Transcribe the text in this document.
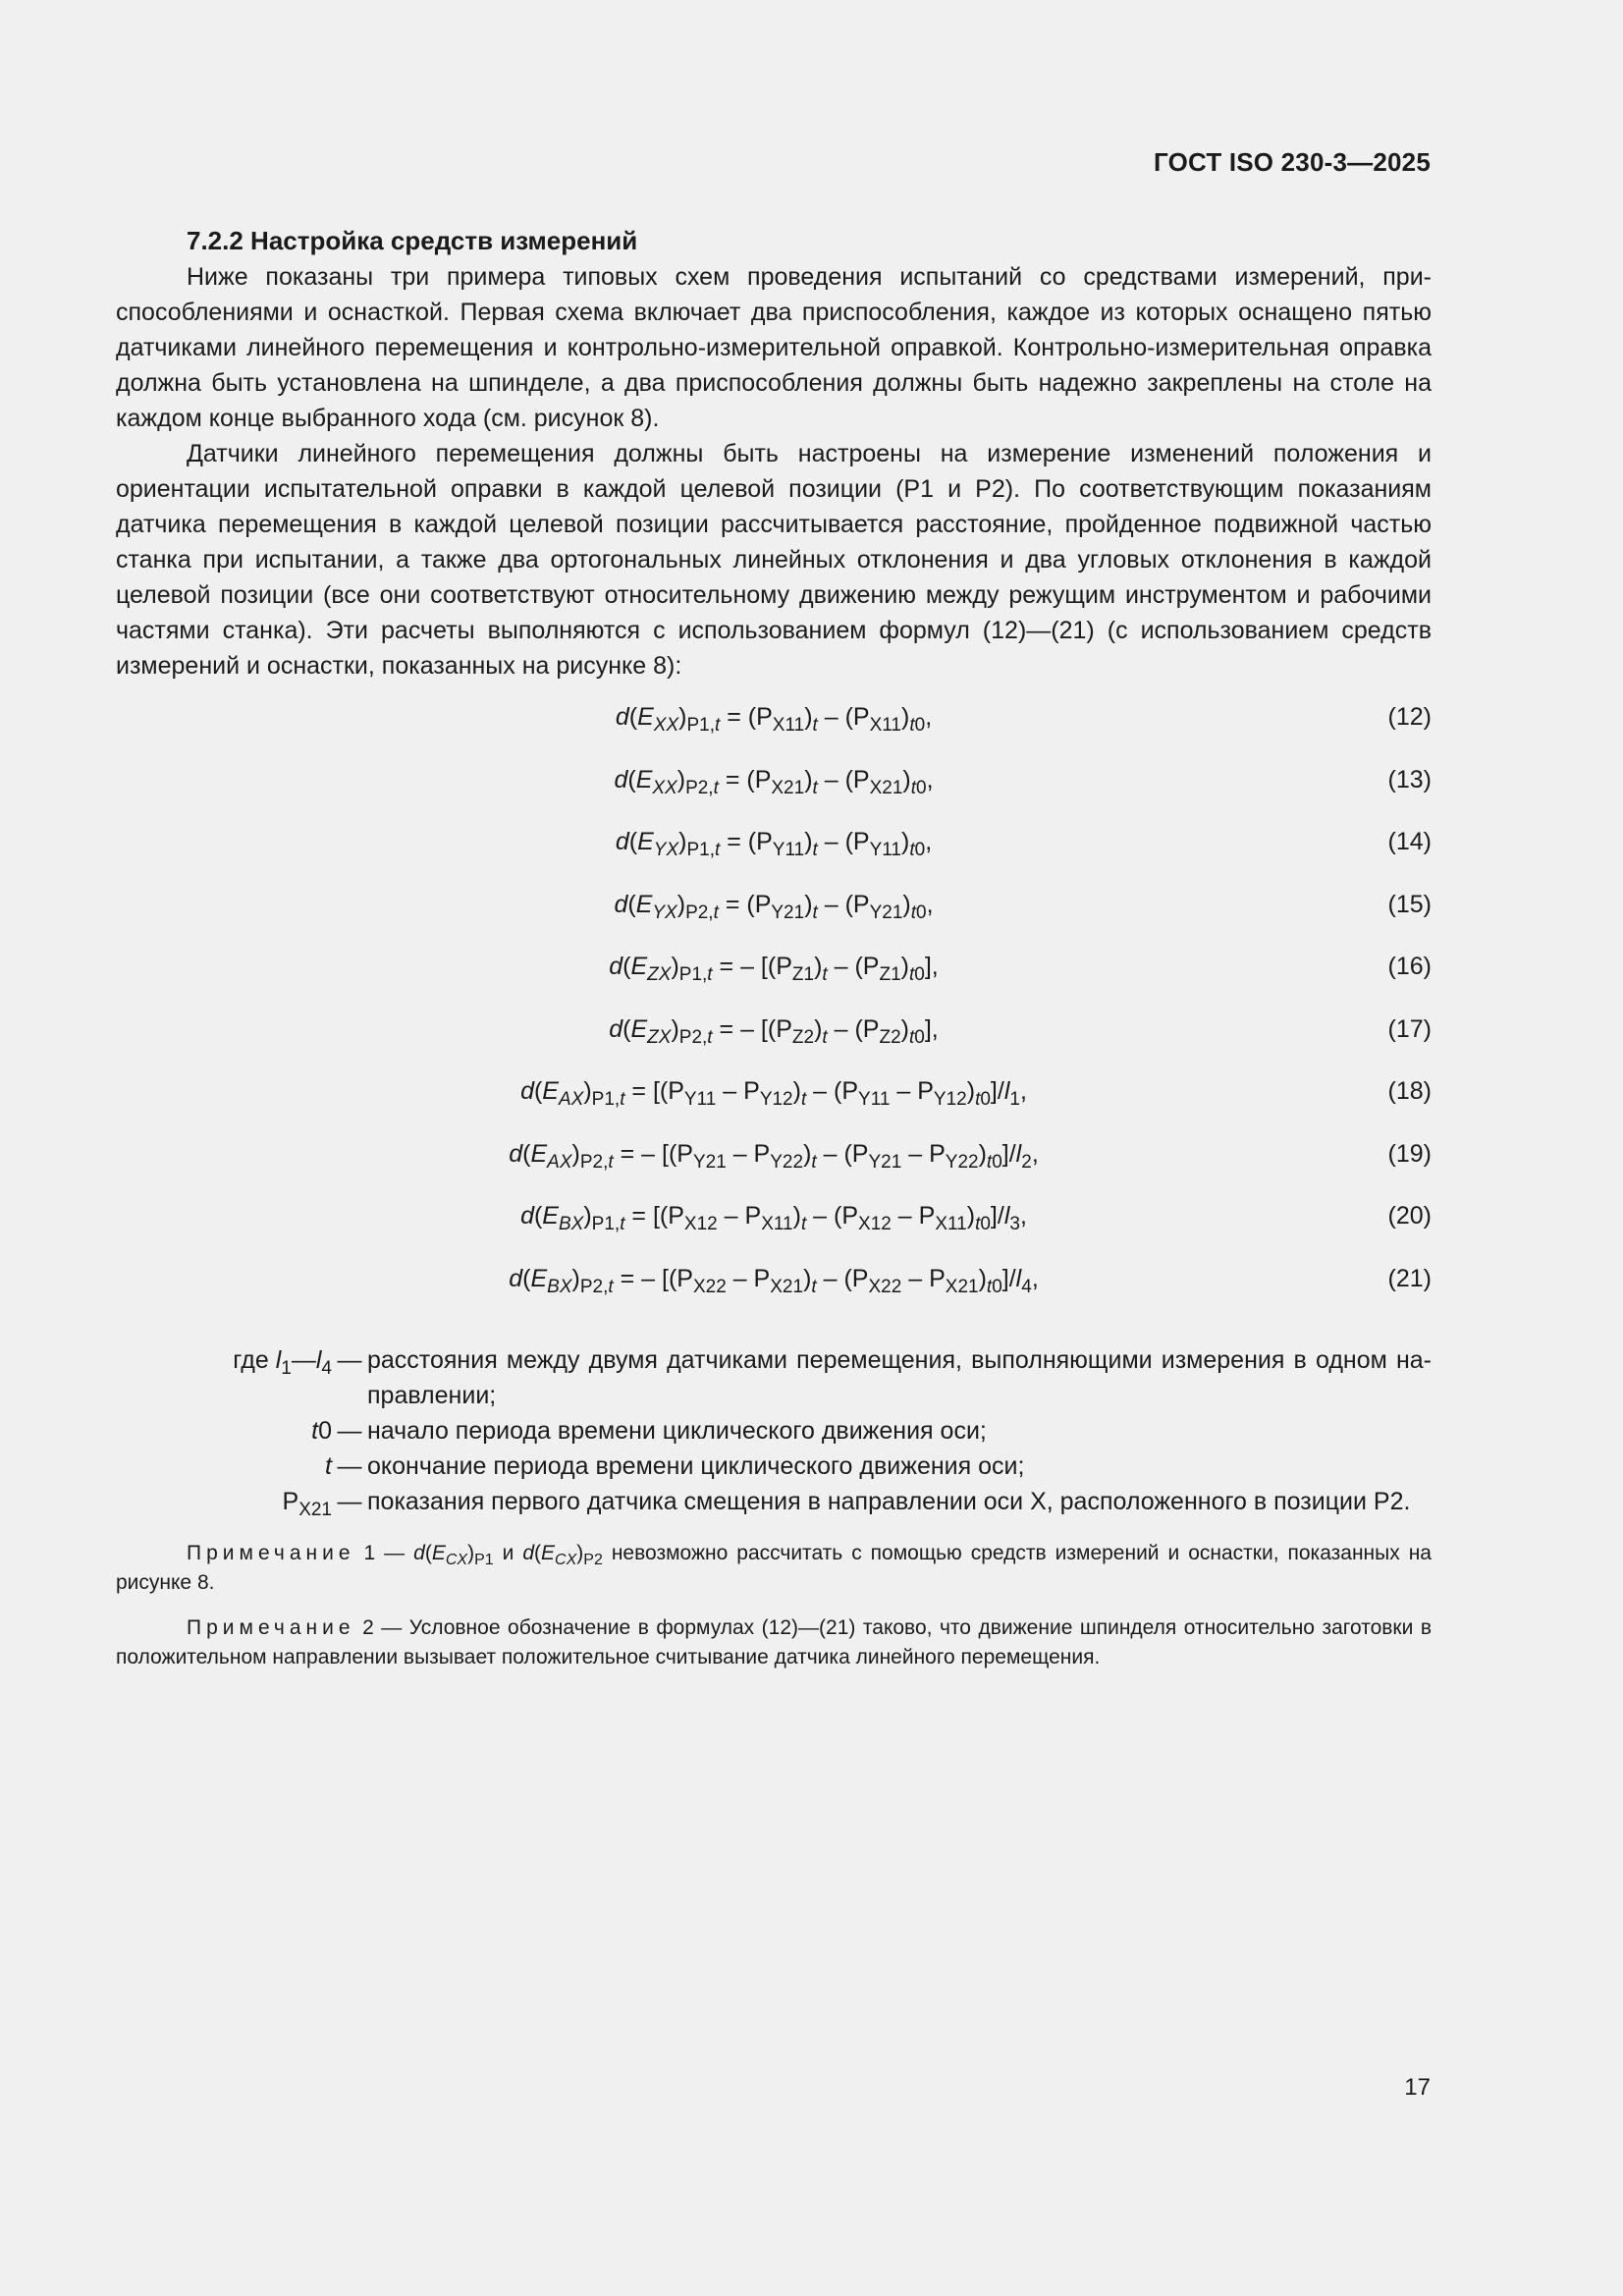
ГОСТ ISO 230-3—2025
7.2.2 Настройка средств измерений

Ниже показаны три примера типовых схем проведения испытаний со средствами измерений, приспособлениями и оснасткой. Первая схема включает два приспособления, каждое из которых оснащено пятью датчиками линейного перемещения и контрольно-измерительной оправкой. Контрольно-измерительная оправка должна быть установлена на шпинделе, а два приспособления должны быть надежно закреплены на столе на каждом конце выбранного хода (см. рисунок 8).

Датчики линейного перемещения должны быть настроены на измерение изменений положения и ориентации испытательной оправки в каждой целевой позиции (Р1 и Р2). По соответствующим показаниям датчика перемещения в каждой целевой позиции рассчитывается расстояние, пройденное подвижной частью станка при испытании, а также два ортогональных линейных отклонения и два угловых отклонения в каждой целевой позиции (все они соответствуют относительному движению между режущим инструментом и рабочими частями станка). Эти расчеты выполняются с использованием формул (12)—(21) (с использованием средств измерений и оснастки, показанных на рисунке 8):

$d(E_{XX})_{P1,t} = (P_{X11})_t - (P_{X11})_{t0}$,	(12)
$d(E_{XX})_{P2,t} = (P_{X21})_t - (P_{X21})_{t0}$,	(13)
$d(E_{YX})_{P1,t} = (P_{Y11})_t - (P_{Y11})_{t0}$,	(14)
$d(E_{YX})_{P2,t} = (P_{Y21})_t - (P_{Y21})_{t0}$,	(15)
$d(E_{ZX})_{P1,t}$ = – $[(P_{Z1})_t - (P_{Z1})_{t0}]$,	(16)
$d(E_{ZX})_{P2,t}$ = – $[(P_{Z2})_t - (P_{Z2})_{t0}]$,	(17)
$d(E_{AX})_{P1,t} = [(P_{Y11} - P_{Y12})_t - (P_{Y11} - P_{Y12})_{t0}]/l_1$,	(18)
$d(E_{AX})_{P2,t}$ = – $[(P_{Y21} - P_{Y22})_t - (P_{Y21} - P_{Y22})_{t0}]/l_2$,	(19)
$d(E_{BX})_{P1,t} = [(P_{X12} - P_{X11})_t - (P_{X12} - P_{X11})_{t0}]/l_3$,	(20)
$d(E_{BX})_{P2,t}$ = – $[(P_{X22} - P_{X21})_t - (P_{X22} - P_{X21})_{t0}]/l_4$,	(21)
где $l_1—l_4$ — расстояния между двумя датчиками перемещения, выполняющими измерения в одном направлении;
t0 — начало периода времени циклического движения оси;
t — окончание периода времени циклического движения оси;
$P_{X21}$ — показания первого датчика смещения в направлении оси X, расположенного в позиции Р2.

Примечание 1 — $d(E_{CX})_{P1}$ и $d(E_{CX})_{P2}$ невозможно рассчитать с помощью средств измерений и оснастки, показанных на рисунке 8.

Примечание 2 — Условное обозначение в формулах (12)—(21) таково, что движение шпинделя относительно заготовки в положительном направлении вызывает положительное считывание датчика линейного перемещения.

17
